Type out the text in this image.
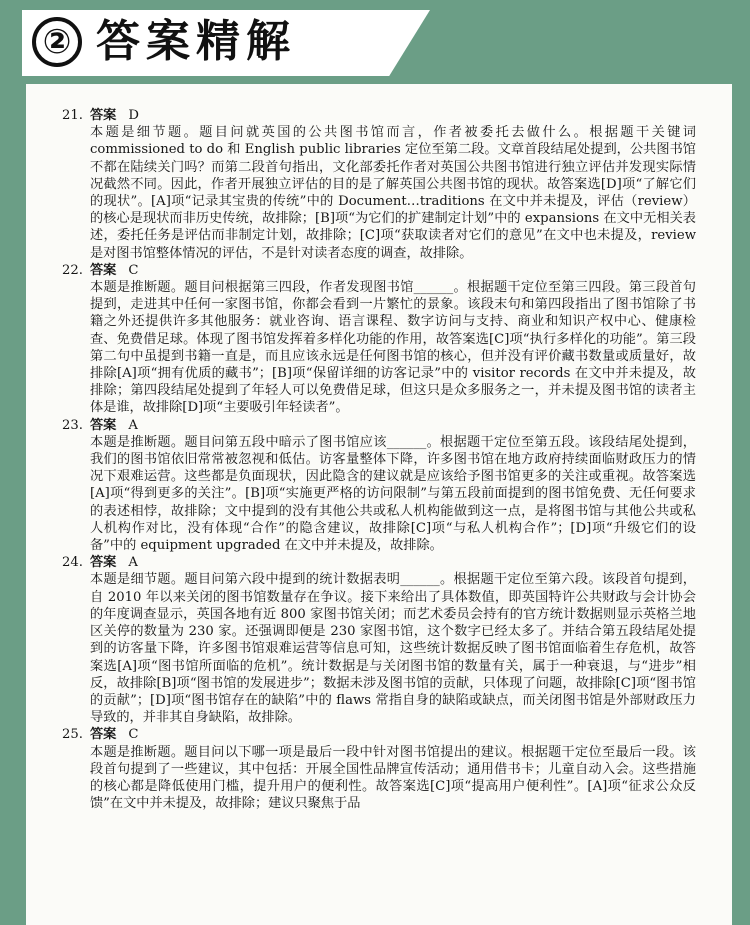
② 答案精解
21. 答案 D
本题是细节题。题目问就英国的公共图书馆而言，作者被委托去做什么。根据题干关键词commissioned to do 和 English public libraries 定位至第二段。文章首段结尾处提到，公共图书馆不都在陆续关门吗？而第二段首句指出，文化部委托作者对英国公共图书馆进行独立评估并发现实际情况截然不同。因此，作者开展独立评估的目的是了解英国公共图书馆的现状。故答案选[D]项“了解它们的现状”。[A]项“记录其宝贵的传统”中的 Document…traditions 在文中并未提及，评估（review）的核心是现状而非历史传统，故排除；[B]项“为它们的扩建制定计划”中的 expansions 在文中无相关表述，委托任务是评估而非制定计划，故排除；[C]项“获取读者对它们的意见”在文中也未提及，review 是对图书馆整体情况的评估，不是针对读者态度的调查，故排除。
22. 答案 C
本题是推断题。题目问根据第三四段，作者发现图书馆______。根据题干定位至第三四段。第三段首句提到，走进其中任何一家图书馆，你都会看到一片繁忙的景象。该段末句和第四段指出了图书馆除了书籍之外还提供许多其他服务：就业咨询、语言课程、数字访问与支持、商业和知识产权中心、健康检查、免费借足球。体现了图书馆发挥着多样化功能的作用，故答案选[C]项“执行多样化的功能”。第三段第二句中虽提到书籍一直是，而且应该永远是任何图书馆的核心，但并没有评价藏书数量或质量好，故排除[A]项“拥有优质的藏书”；[B]项“保留详细的访客记录”中的 visitor records 在文中并未提及，故排除；第四段结尾处提到了年轻人可以免费借足球，但这只是众多服务之一，并未提及图书馆的读者主体是谁，故排除[D]项“主要吸引年轻读者”。
23. 答案 A
本题是推断题。题目问第五段中暗示了图书馆应该______。根据题干定位至第五段。该段结尾处提到，我们的图书馆依旧常常被忽视和低估。访客量整体下降，许多图书馆在地方政府持续面临财政压力的情况下艰难运营。这些都是负面现状，因此隐含的建议就是应该给予图书馆更多的关注或重视。故答案选[A]项“得到更多的关注”。[B]项“实施更严格的访问限制”与第五段前面提到的图书馆免费、无任何要求的表述相悖，故排除；文中提到的没有其他公共或私人机构能做到这一点，是将图书馆与其他公共或私人机构作对比，没有体现“合作”的隐含建议，故排除[C]项“与私人机构合作”；[D]项“升级它们的设备”中的 equipment upgraded 在文中并未提及，故排除。
24. 答案 A
本题是细节题。题目问第六段中提到的统计数据表明______。根据题干定位至第六段。该段首句提到，自 2010 年以来关闭的图书馆数量存在争议。接下来给出了具体数值，即英国特许公共财政与会计协会的年度调查显示，英国各地有近 800 家图书馆关闭；而艺术委员会持有的官方统计数据则显示英格兰地区关停的数量为 230 家。还强调即便是 230 家图书馆，这个数字已经太多了。并结合第五段结尾处提到的访客量下降，许多图书馆艰难运营等信息可知，这些统计数据反映了图书馆面临着生存危机，故答案选[A]项“图书馆所面临的危机”。统计数据是与关闭图书馆的数量有关，属于一种衰退，与“进步”相反，故排除[B]项“图书馆的发展进步”；数据未涉及图书馆的贡献，只体现了问题，故排除[C]项“图书馆的贡献”；[D]项“图书馆存在的缺陷”中的 flaws 常指自身的缺陷或缺点，而关闭图书馆是外部财政压力导致的，并非其自身缺陷，故排除。
25. 答案 C
本题是推断题。题目问以下哪一项是最后一段中针对图书馆提出的建议。根据题干定位至最后一段。该段首句提到了一些建议，其中包括：开展全国性品牌宣传活动；通用借书卡；儿童自动入会。这些措施的核心都是降低使用门槛，提升用户的便利性。故答案选[C]项“提高用户便利性”。[A]项“征求公众反馈”在文中并未提及，故排除；建议只聚焦于品
